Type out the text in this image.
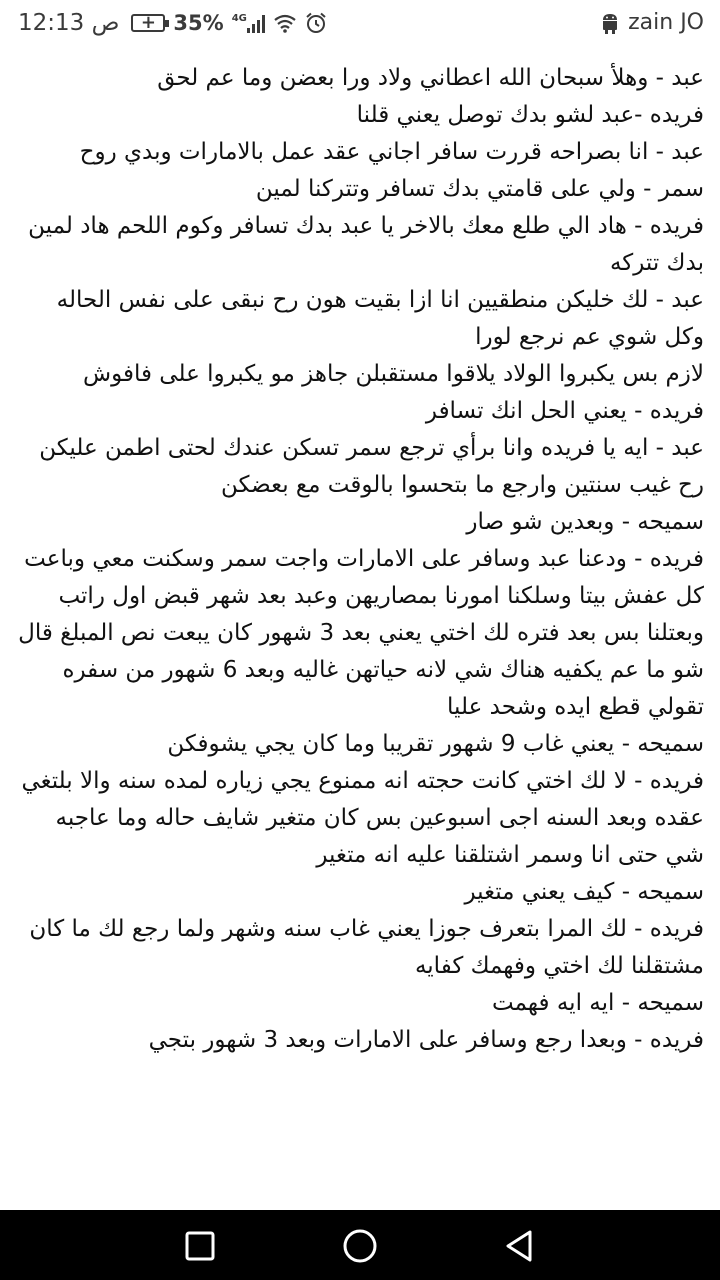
12:13 ص	+ 35% 4G	zain JO

عبد - وهلأ سبحان الله اعطاني ولاد ورا بعضن وما عم لحق

فريده -عبد لشو بدك توصل يعني قلنا

عبد - انا بصراحه قررت سافر اجاني عقد عمل بالامارات وبدي روح

سمر - ولي على قامتي بدك تسافر وتتركنا لمين

فريده - هاد الي طلع معك بالاخر يا عبد بدك تسافر وكوم اللحم هاد لمين بدك تتركه

عبد - لك خليكن منطقيين انا ازا بقيت هون رح نبقى على نفس الحاله وكل شوي عم نرجع لورا

لازم بس يكبروا الولاد يلاقوا مستقبلن جاهز مو يكبروا على فافوش

فريده - يعني الحل انك تسافر

عبد - ايه يا فريده وانا برأي ترجع سمر تسكن عندك لحتى اطمن عليكن رح غيب سنتين وارجع ما بتحسوا بالوقت مع بعضكن

سميحه - وبعدين شو صار

فريده - ودعنا عبد وسافر على الامارات واجت سمر وسكنت معي وباعت كل عفش بيتا وسلكنا امورنا بمصاريهن وعبد بعد شهر قبض اول راتب وبعتلنا بس بعد فتره لك اختي يعني بعد 3 شهور كان يبعت نص المبلغ قال شو ما عم يكفيه هناك شي لانه حياتهن غاليه وبعد 6 شهور من سفره تقولي قطع ايده وشحد عليا

سميحه - يعني غاب 9 شهور تقريبا وما كان يجي يشوفكن

فريده - لا لك اختي كانت حجته انه ممنوع يجي زياره لمده سنه والا بلتغي عقده وبعد السنه اجى اسبوعين بس كان متغير شايف حاله وما عاجبه شي حتى انا وسمر اشتلقنا عليه انه متغير

سميحه - كيف يعني متغير

فريده - لك المرا بتعرف جوزا يعني غاب سنه وشهر ولما رجع لك ما كان مشتقلنا لك اختي وفهمك كفايه

سميحه - ايه ايه فهمت

فريده - وبعدا رجع وسافر على الامارات وبعد 3 شهور بتجي
